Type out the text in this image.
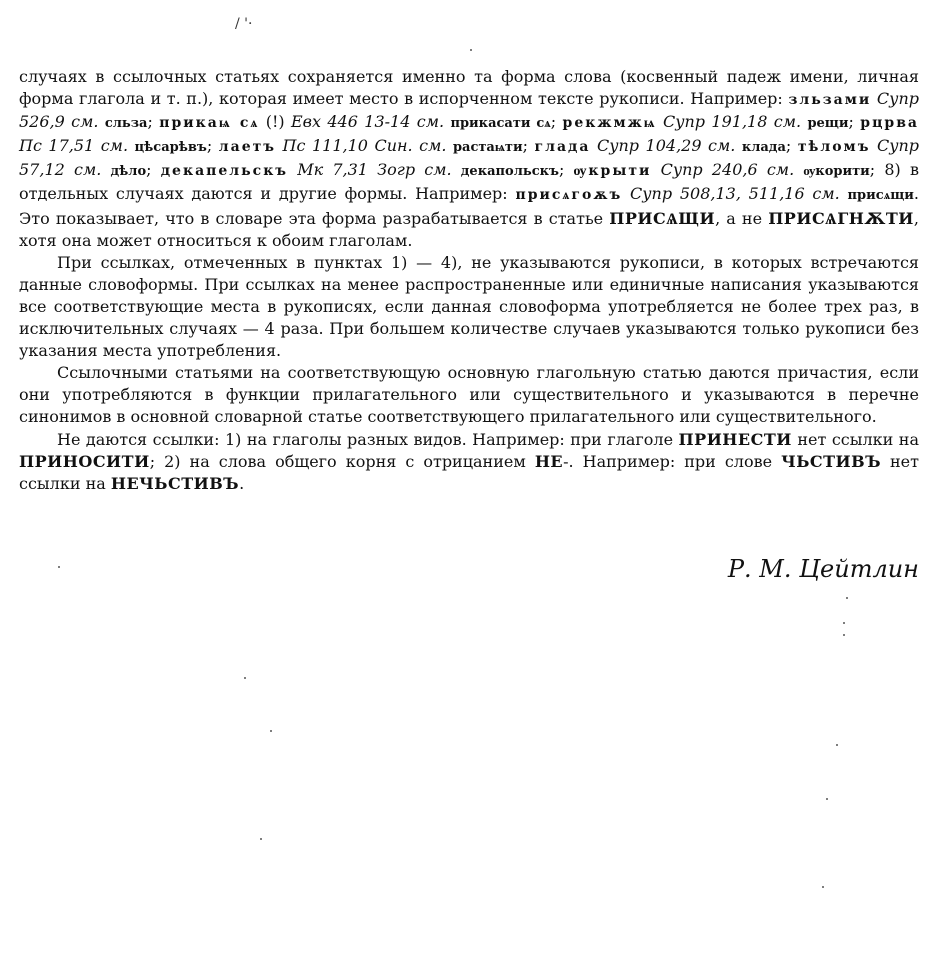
/ '·

случаях в ссылочных статьях сохраняется именно та форма слова (косвенный падеж имени, личная форма глагола и т. п.), которая имеет место в испорченном тексте рукописи. Например: зльзами Супр 526,9 см. сльза; прикаѩ сѧ (!) Евх 446 13-14 см. прикасати сѧ; рекжмжѩ Супр 191,18 см. рещи; рцрва Пс 17,51 см. цѣсарѣвъ; лаетъ Пс 111,10 Син. см. растаѩти; глада Супр 104,29 см. клада; тѣломъ Супр 57,12 см. дѣло; декапельскъ Мк 7,31 Зогр см. декапольскъ; ѹкрыти Супр 240,6 см. ѹкорити; 8) в отдельных случаях даются и другие формы. Например: присѧгоѫъ Супр 508,13, 511,16 см. присѧщи. Это показывает, что в словаре эта форма разрабатывается в статье ПРИСѦЩИ, а не ПРИСѦГНѪТИ, хотя она может относиться к обоим глаголам.

При ссылках, отмеченных в пунктах 1) — 4), не указываются рукописи, в которых встречаются данные словоформы. При ссылках на менее распространенные или единичные написания указываются все соответствующие места в рукописях, если данная словоформа употребляется не более трех раз, в исключительных случаях — 4 раза. При большем количестве случаев указываются только рукописи без указания места употребления.

Ссылочными статьями на соответствующую основную глагольную статью даются причастия, если они употребляются в функции прилагательного или существительного и указываются в перечне синонимов в основной словарной статье соответствующего прилагательного или существительного.

Не даются ссылки: 1) на глаголы разных видов. Например: при глаголе ПРИНЕСТИ нет ссылки на ПРИНОСИТИ; 2) на слова общего корня с отрицанием НЕ-. Например: при слове ЧЬСТИВЪ нет ссылки на НЕЧЬСТИВЪ.

Р. М. Цейтлин
